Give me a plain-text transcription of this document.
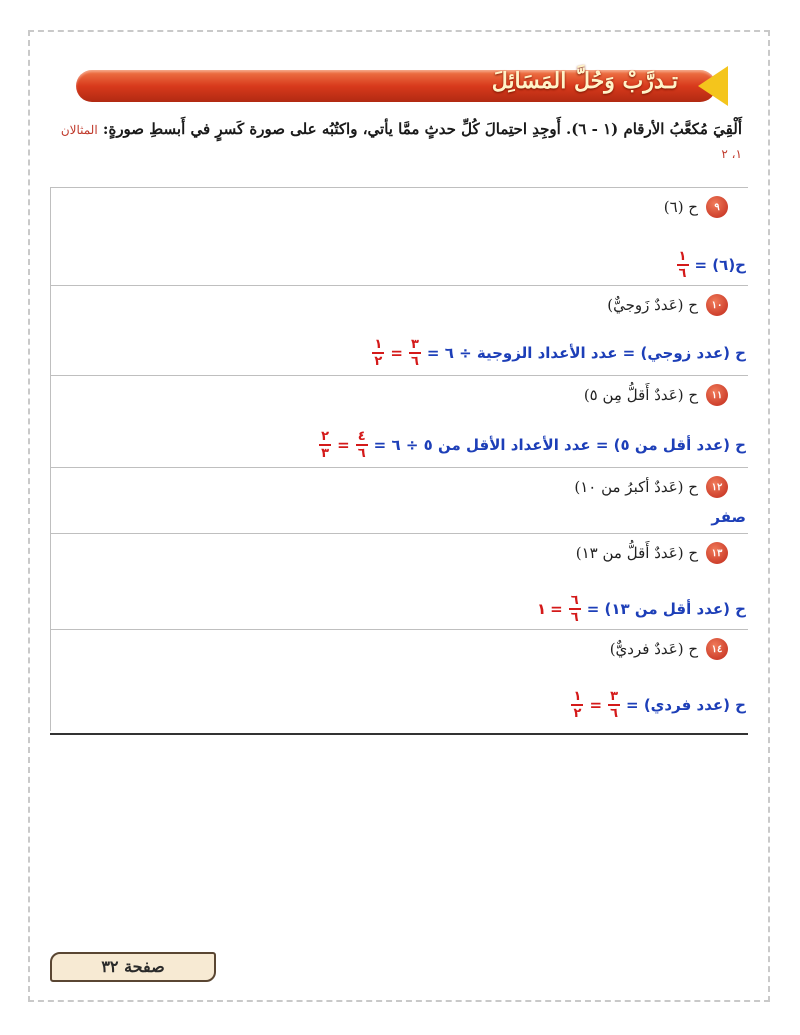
تـدرَّبْ وَحُلَّ المَسَائِلَ
أَلْقِيَ مُكعَّبُ الأرقام (١ - ٦). أَوجِدِ احتِمالَ كُلِّ حدثٍ ممَّا يأتي، واكتُبُه على صورة كَسرٍ في أَبسطِ صورةٍ: المثالان ١، ٢
٩
ح (٦)
ح(٦) =
$\frac{١}{٦}$
١٠
ح (عَددٌ زَوجيٌّ)
ح (عدد زوجي) = عدد الأعداد الزوجية ÷ ٦ =
$\frac{٣}{٦}$
=
$\frac{١}{٢}$
١١
ح (عَددٌ أَقلُّ مِن ٥)
ح (عدد أقل من ٥) = عدد الأعداد الأقل من ٥ ÷ ٦ =
$\frac{٤}{٦}$
=
$\frac{٢}{٣}$
١٢
ح (عَددٌ أكبرُ من ١٠)
صفر
١٣
ح (عَددٌ أَقلُّ من ١٣)
ح (عدد أقل من ١٣) =
$\frac{٦}{٦}$
=
١
١٤
ح (عَددٌ فرديٌّ)
ح (عدد فردي) =
$\frac{٣}{٦}$
=
$\frac{١}{٢}$
صفحة ٣٢
